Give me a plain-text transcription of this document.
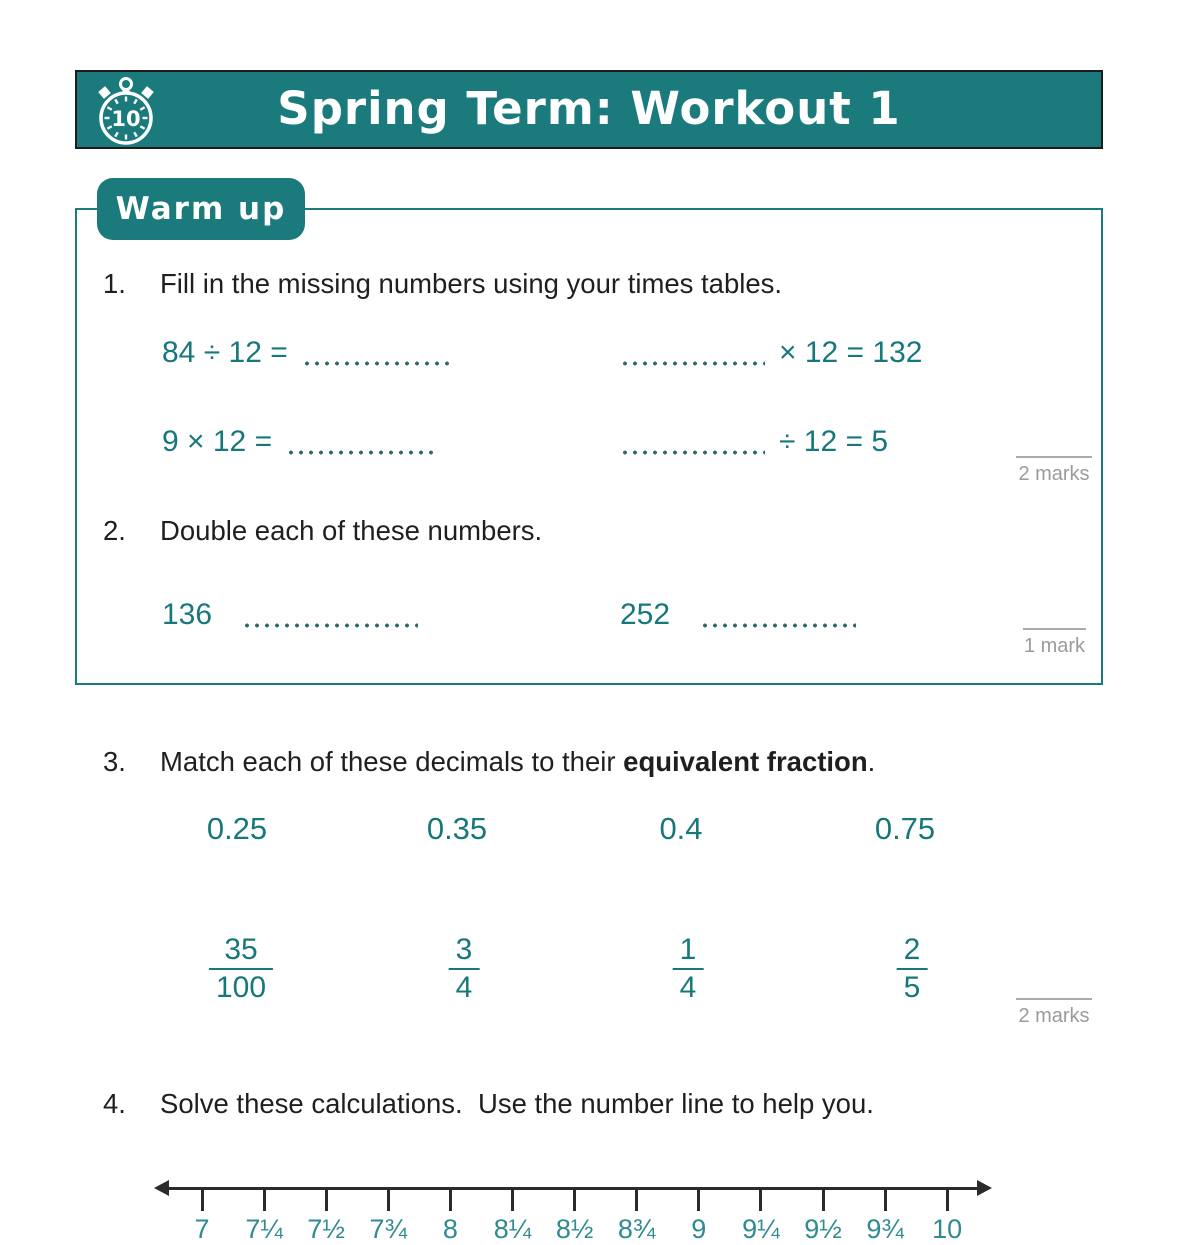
10	Spring Term: Workout 1
Warm up
1. Fill in the missing numbers using your times tables.
84 ÷ 12 =	× 12 = 132
9 × 12 =	÷ 12 = 5
2 marks
2. Double each of these numbers.
136	252
1 mark
3. Match each of these decimals to their equivalent fraction.
0.25	0.35	0.4	0.75
$\frac{35}{100}$	$\frac{3}{4}$	$\frac{1}{4}$	$\frac{2}{5}$
2 marks
4. Solve these calculations.  Use the number line to help you.
7 7¼ 7½ 7¾ 8 8¼ 8½ 8¾ 9 9¼ 9½ 9¾ 10
